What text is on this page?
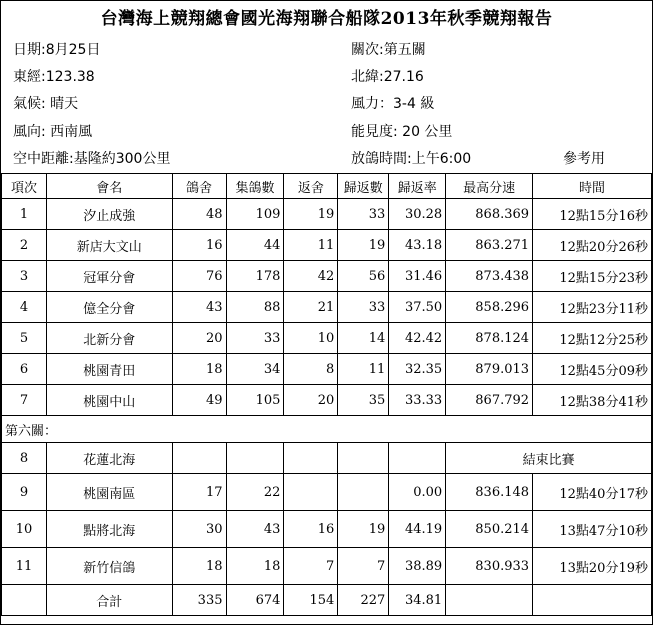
台灣海上競翔總會國光海翔聯合船隊2013年秋季競翔報告
日期:8月25日	關次:第五關
東經:123.38	北緯:27.16
氣候: 晴天	風力：3-4 級
風向: 西南風	能見度: 20 公里
空中距離:基隆約300公里	放鴿時間:上午6:00	參考用
項次	會名	鴿舍	集鴿數	返舍	歸返數	歸返率	最高分速	時間
1	汐止成強	48	109	19	33	30.28	868.369	12點15分16秒
2	新店大文山	16	44	11	19	43.18	863.271	12點20分26秒
3	冠軍分會	76	178	42	56	31.46	873.438	12點15分23秒
4	億全分會	43	88	21	33	37.50	858.296	12點23分11秒
5	北新分會	20	33	10	14	42.42	878.124	12點12分25秒
6	桃園青田	18	34	8	11	32.35	879.013	12點45分09秒
7	桃園中山	49	105	20	35	33.33	867.792	12點38分41秒
第六關：								
8	花蓮北海						結束比賽	
9	桃園南區	17	22			0.00	836.148	12點40分17秒
10	點將北海	30	43	16	19	44.19	850.214	13點47分10秒
11	新竹信鴿	18	18	7	7	38.89	830.933	13點20分19秒
	合計	335	674	154	227	34.81		
